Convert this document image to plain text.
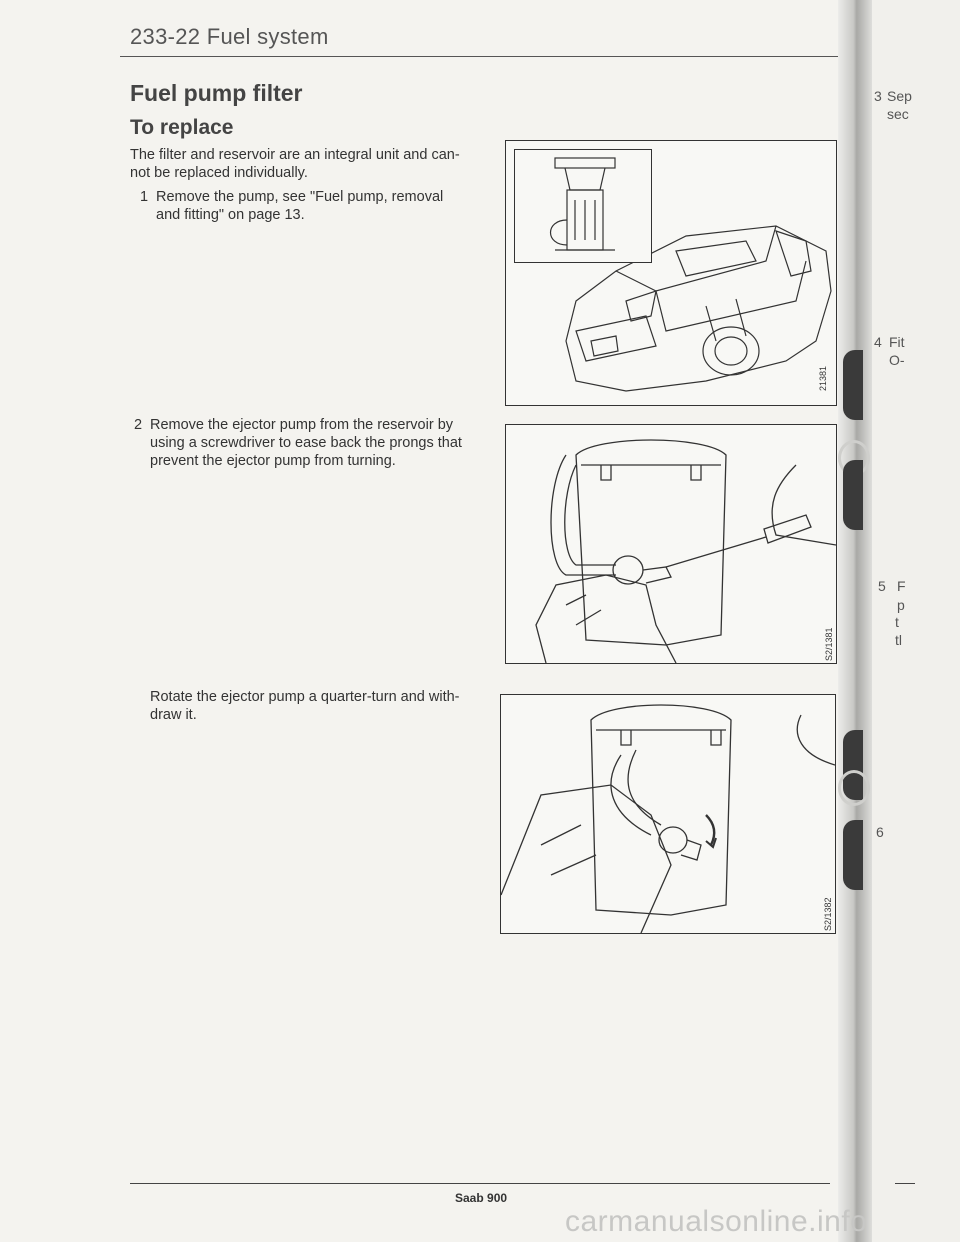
233-22 Fuel system
Fuel pump filter
To replace
The filter and reservoir are an integral unit and can-
not be replaced individually.
1 Remove the pump, see "Fuel pump, removal
and fitting" on page 13.
2 Remove the ejector pump from the reservoir by
using a screwdriver to ease back the prongs that
prevent the ejector pump from turning.
Rotate the ejector pump a quarter-turn and with-
draw it.
21381
S2/1381
S2/1382
3 Sep
sec
4 Fit
O-
5 F
p
t
tl
6
Saab 900
carmanualsonline.info
